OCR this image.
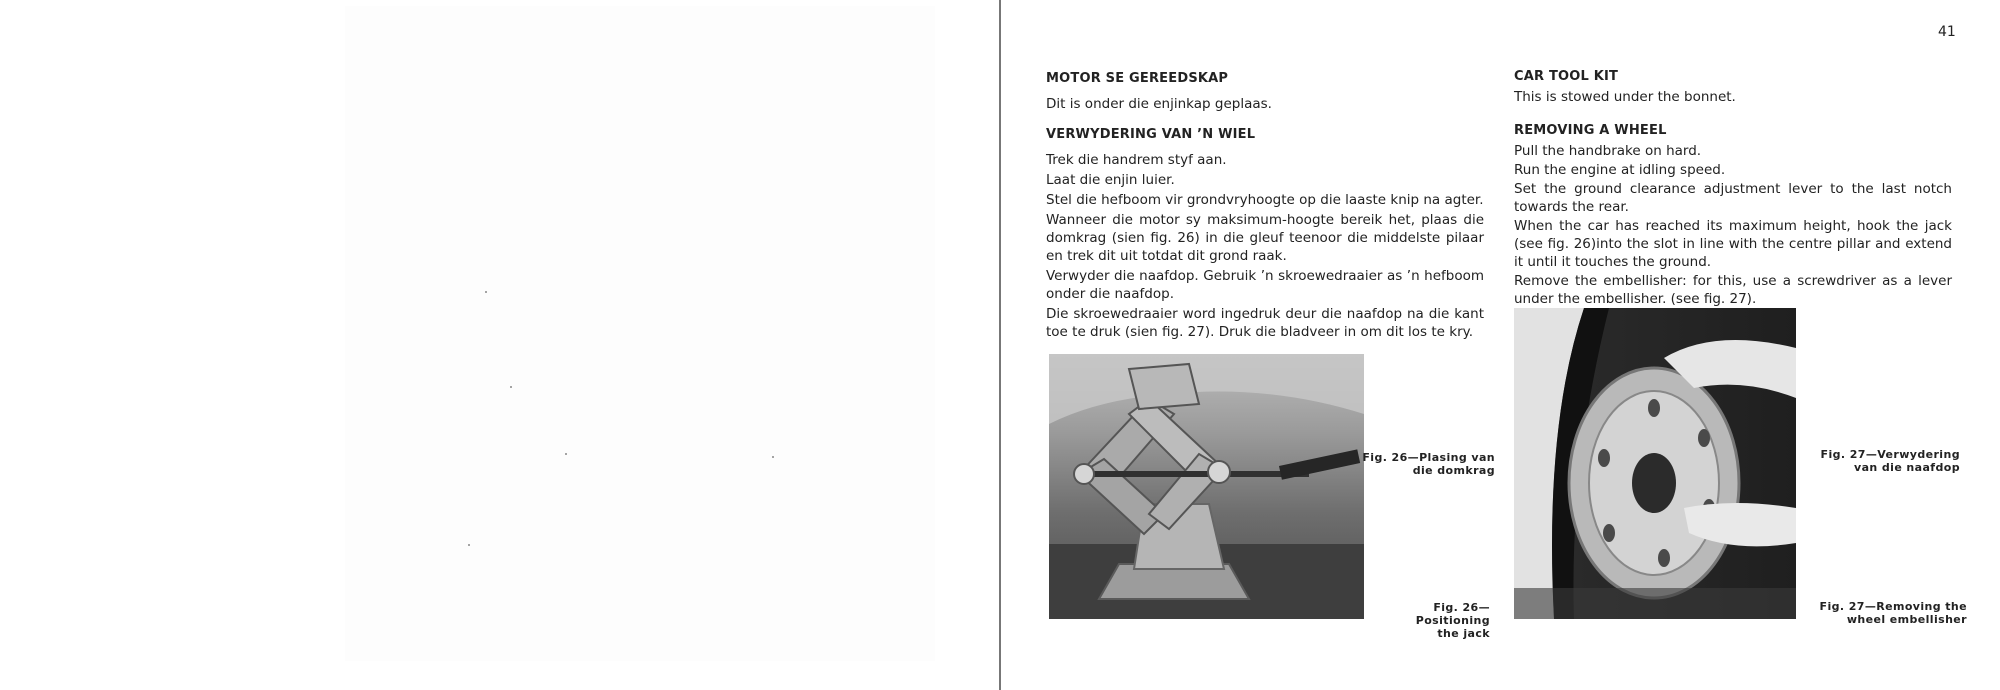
41
MOTOR SE GEREEDSKAP

Dit is onder die enjinkap geplaas.

VERWYDERING VAN ’N WIEL

Trek die handrem styf aan.

Laat die enjin luier.

Stel die hefboom vir grondvryhoogte op die laaste knip na agter.

Wanneer die motor sy maksimum-hoogte bereik het, plaas die domkrag (sien fig. 26) in die gleuf teenoor die middelste pilaar en trek dit uit totdat dit grond raak.

Verwyder die naafdop. Gebruik ’n skroewedraaier as ’n hefboom onder die naafdop.

Die skroewedraaier word ingedruk deur die naafdop na die kant toe te druk (sien fig. 27). Druk die bladveer in om dit los te kry.

CAR TOOL KIT

This is stowed under the bonnet.

REMOVING A WHEEL

Pull the handbrake on hard.

Run the engine at idling speed.

Set the ground clearance adjustment lever to the last notch towards the rear.

When the car has reached its maximum height, hook the jack (see fig. 26)into the slot in line with the centre pillar and extend it until it touches the ground.

Remove the embellisher: for this, use a screwdriver as a lever under the embellisher. (see fig. 27).

Fig. 26—Plasing van
die domkrag
Fig. 26—Positioning
the jack
Fig. 27—Verwydering
van die naafdop
Fig. 27—Removing the
wheel embellisher
